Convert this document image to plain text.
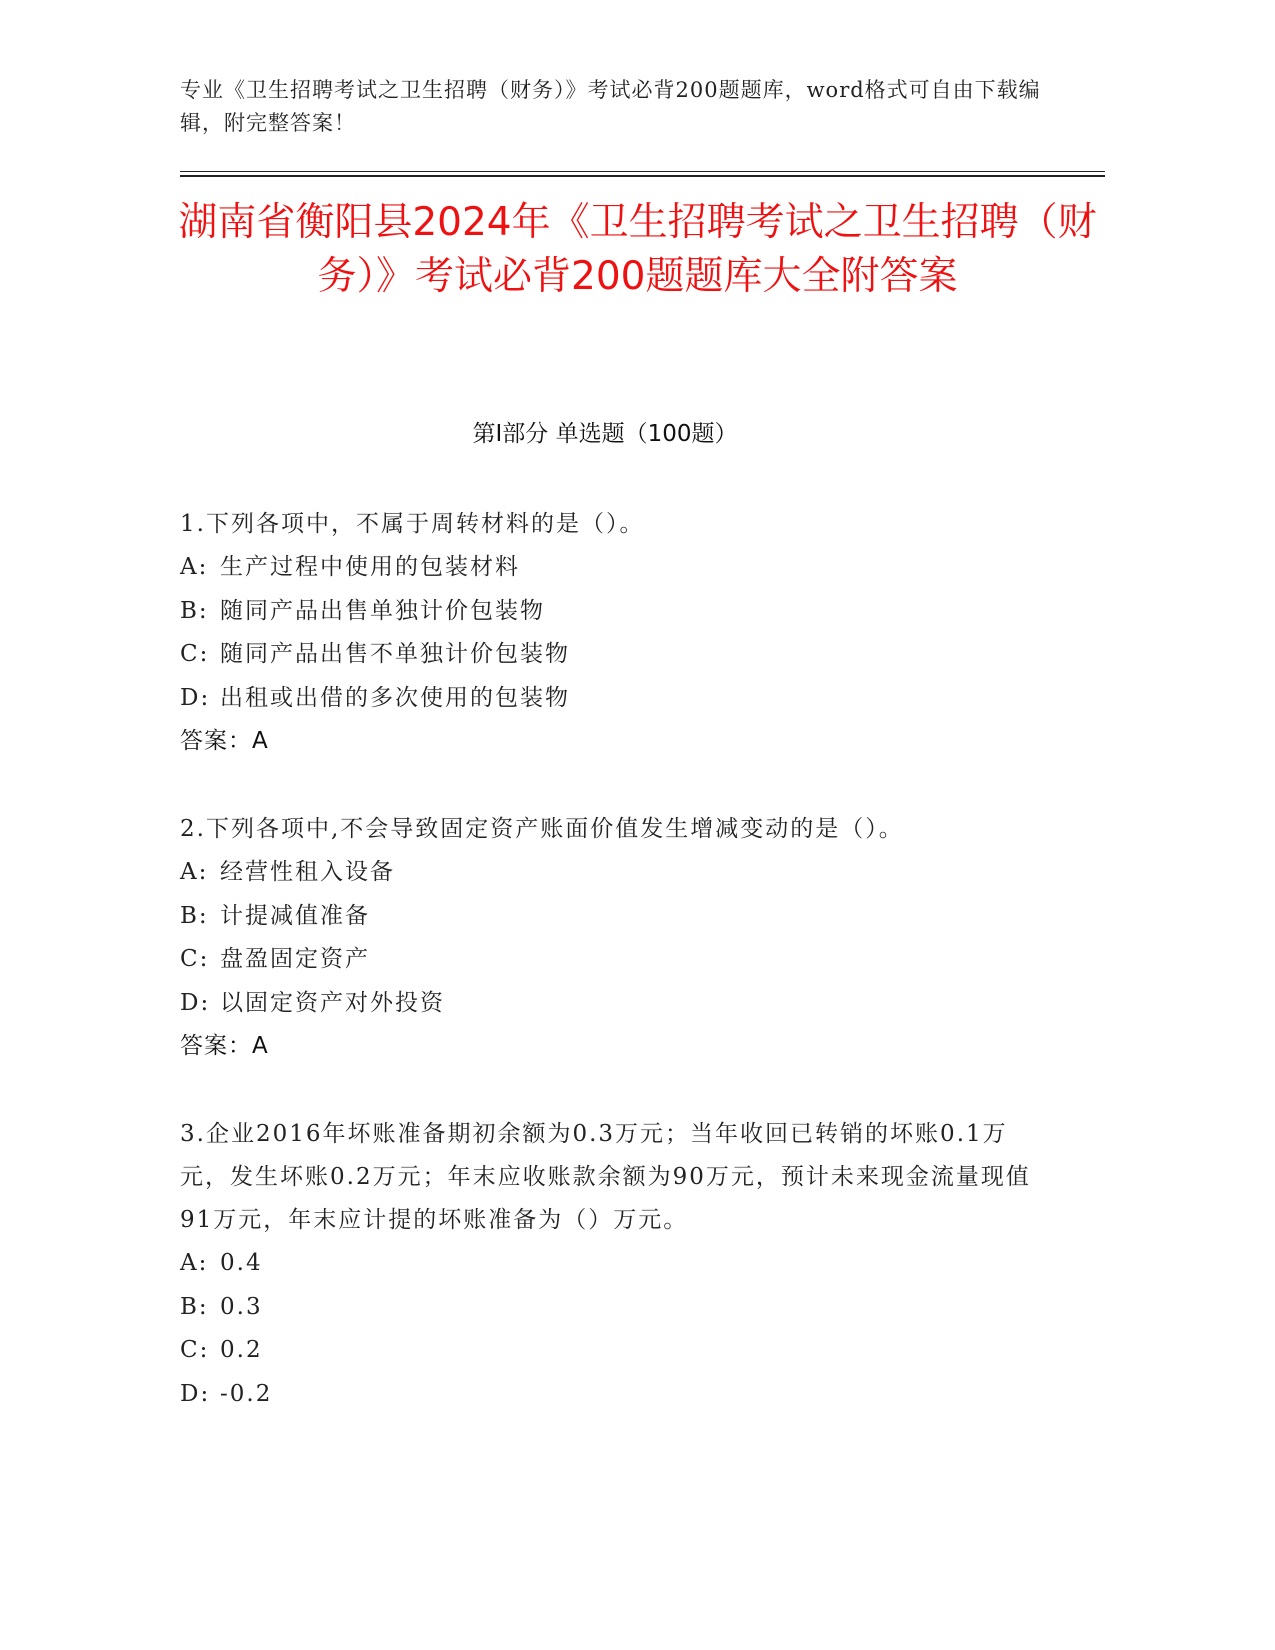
专业《卫生招聘考试之卫生招聘（财务）》考试必背200题题库，word格式可自由下载编辑，附完整答案！

湖南省衡阳县2024年《卫生招聘考试之卫生招聘（财务）》考试必背200题题库大全附答案
第Ⅰ部分 单选题（100题）

1.下列各项中，不属于周转材料的是（）。

A: 生产过程中使用的包装材料

B: 随同产品出售单独计价包装物

C: 随同产品出售不单独计价包装物

D: 出租或出借的多次使用的包装物

答案：A

2.下列各项中,不会导致固定资产账面价值发生增减变动的是（）。

A: 经营性租入设备

B: 计提减值准备

C: 盘盈固定资产

D: 以固定资产对外投资

答案：A

3.企业2016年坏账准备期初余额为0.3万元；当年收回已转销的坏账0.1万元，发生坏账0.2万元；年末应收账款余额为90万元，预计未来现金流量现值91万元，年末应计提的坏账准备为（）万元。

A: 0.4

B: 0.3

C: 0.2

D: -0.2
